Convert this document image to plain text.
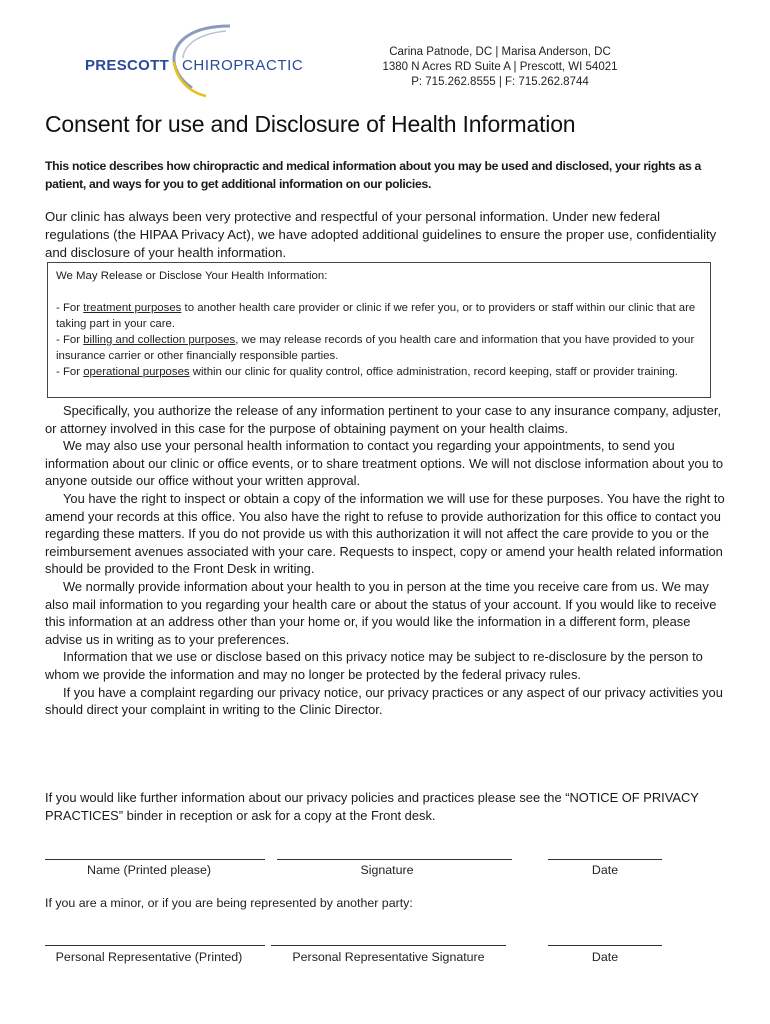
PRESCOTT CHIROPRACTIC
Carina Patnode, DC | Marisa Anderson, DC
1380 N Acres RD Suite A | Prescott, WI 54021
P: 715.262.8555 | F: 715.262.8744
Consent for use and Disclosure of Health Information
This notice describes how chiropractic and medical information about you may be used and disclosed, your rights as a patient, and ways for you to get additional information on our policies.
Our clinic has always been very protective and respectful of your personal information. Under new federal regulations (the HIPAA Privacy Act), we have adopted additional guidelines to ensure the proper use, confidentiality and disclosure of your health information.
We May Release or Disclose Your Health Information:
- For treatment purposes to another health care provider or clinic if we refer you, or to providers or staff within our clinic that are taking part in your care.
- For billing and collection purposes, we may release records of you health care and information that you have provided to your insurance carrier or other financially responsible parties.
- For operational purposes within our clinic for quality control, office administration, record keeping, staff or provider training.

Specifically, you authorize the release of any information pertinent to your case to any insurance company, adjuster, or attorney involved in this case for the purpose of obtaining payment on your health claims.

We may also use your personal health information to contact you regarding your appointments, to send you information about our clinic or office events, or to share treatment options. We will not disclose information about you to anyone outside our office without your written approval.

You have the right to inspect or obtain a copy of the information we will use for these purposes. You have the right to amend your records at this office. You also have the right to refuse to provide authorization for this office to contact you regarding these matters. If you do not provide us with this authorization it will not affect the care provide to you or the reimbursement avenues associated with your care. Requests to inspect, copy or amend your health related information should be provided to the Front Desk in writing.

We normally provide information about your health to you in person at the time you receive care from us. We may also mail information to you regarding your health care or about the status of your account. If you would like to receive this information at an address other than your home or, if you would like the information in a different form, please advise us in writing as to your preferences.

Information that we use or disclose based on this privacy notice may be subject to re-disclosure by the person to whom we provide the information and may no longer be protected by the federal privacy rules.

If you have a complaint regarding our privacy notice, our privacy practices or any aspect of our privacy activities you should direct your complaint in writing to the Clinic Director.

If you would like further information about our privacy policies and practices please see the “NOTICE OF PRIVACY PRACTICES” binder in reception or ask for a copy at the Front desk.
Name (Printed please)	Signature	Date
If you are a minor, or if you are being represented by another party:
Personal Representative (Printed)	Personal Representative Signature	Date
